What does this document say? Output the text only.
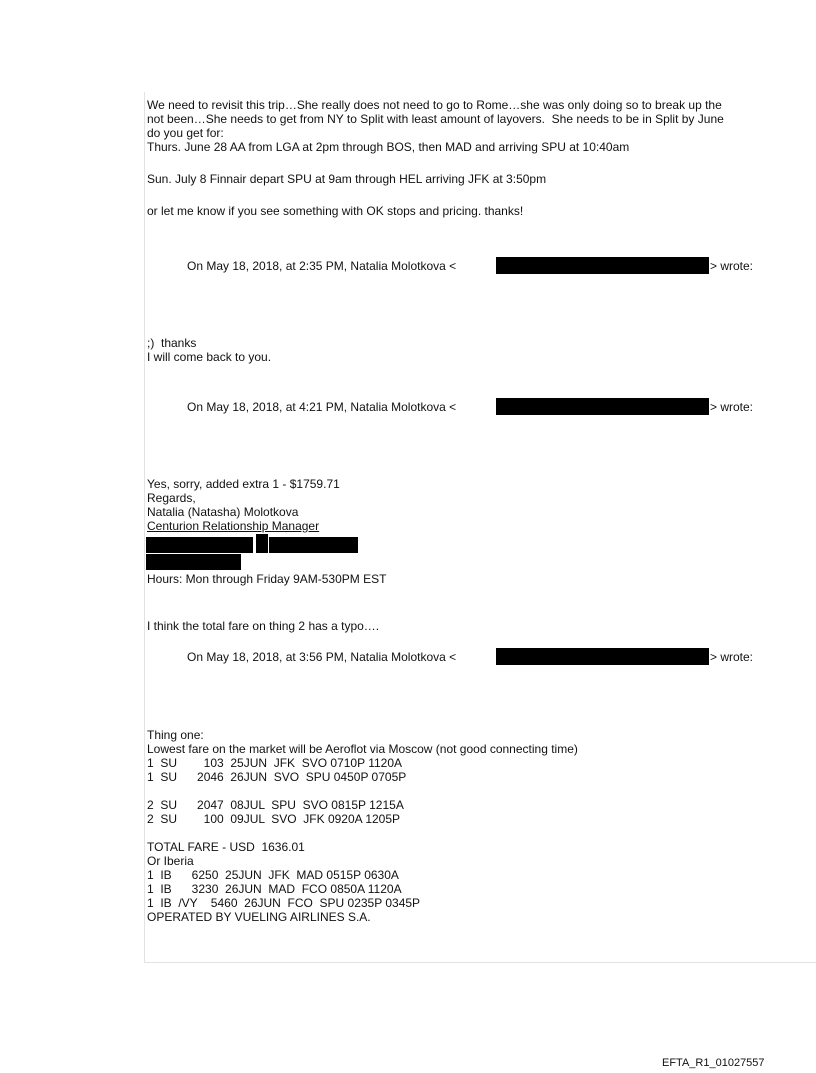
We need to revisit this trip…She really does not need to go to Rome…she was only doing so to break up the
not been…She needs to get from NY to Split with least amount of layovers.  She needs to be in Split by June
do you get for:
Thurs. June 28 AA from LGA at 2pm through BOS, then MAD and arriving SPU at 10:40am
Sun. July 8 Finnair depart SPU at 9am through HEL arriving JFK at 3:50pm
or let me know if you see something with OK stops and pricing. thanks!
On May 18, 2018, at 2:35 PM, Natalia Molotkova <	> wrote:
;)  thanks
I will come back to you.
On May 18, 2018, at 4:21 PM, Natalia Molotkova <	> wrote:
Yes, sorry, added extra 1 - $1759.71
Regards,
Natalia (Natasha) Molotkova
Centurion Relationship Manager
Hours: Mon through Friday 9AM-530PM EST
I think the total fare on thing 2 has a typo….
On May 18, 2018, at 3:56 PM, Natalia Molotkova <	> wrote:
Thing one:
Lowest fare on the market will be Aeroflot via Moscow (not good connecting time)
1  SU        103  25JUN  JFK  SVO 0710P 1120A
1  SU      2046  26JUN  SVO  SPU 0450P 0705P
2  SU      2047  08JUL  SPU  SVO 0815P 1215A
2  SU        100  09JUL  SVO  JFK 0920A 1205P
TOTAL FARE - USD  1636.01
Or Iberia
1  IB      6250  25JUN  JFK  MAD 0515P 0630A
1  IB      3230  26JUN  MAD  FCO 0850A 1120A
1  IB  /VY    5460  26JUN  FCO  SPU 0235P 0345P
OPERATED BY VUELING AIRLINES S.A.
EFTA_R1_01027557
